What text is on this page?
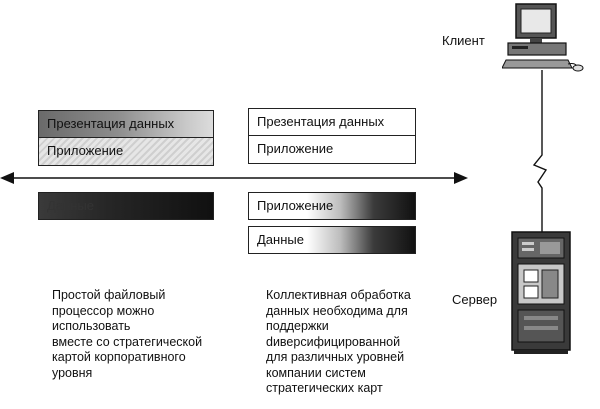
Клиент
Сервер
Презентация данных
Приложение
Данные
Презентация данных
Приложение
Приложение
Данные
Простой файловый
процессор можно
использовать
вместе со стратегической
картой корпоративного
уровня
Коллективная обработка
данных необходима для
поддержки
dиверсифицированной
для различных уровней
компании систем
стратегических карт
